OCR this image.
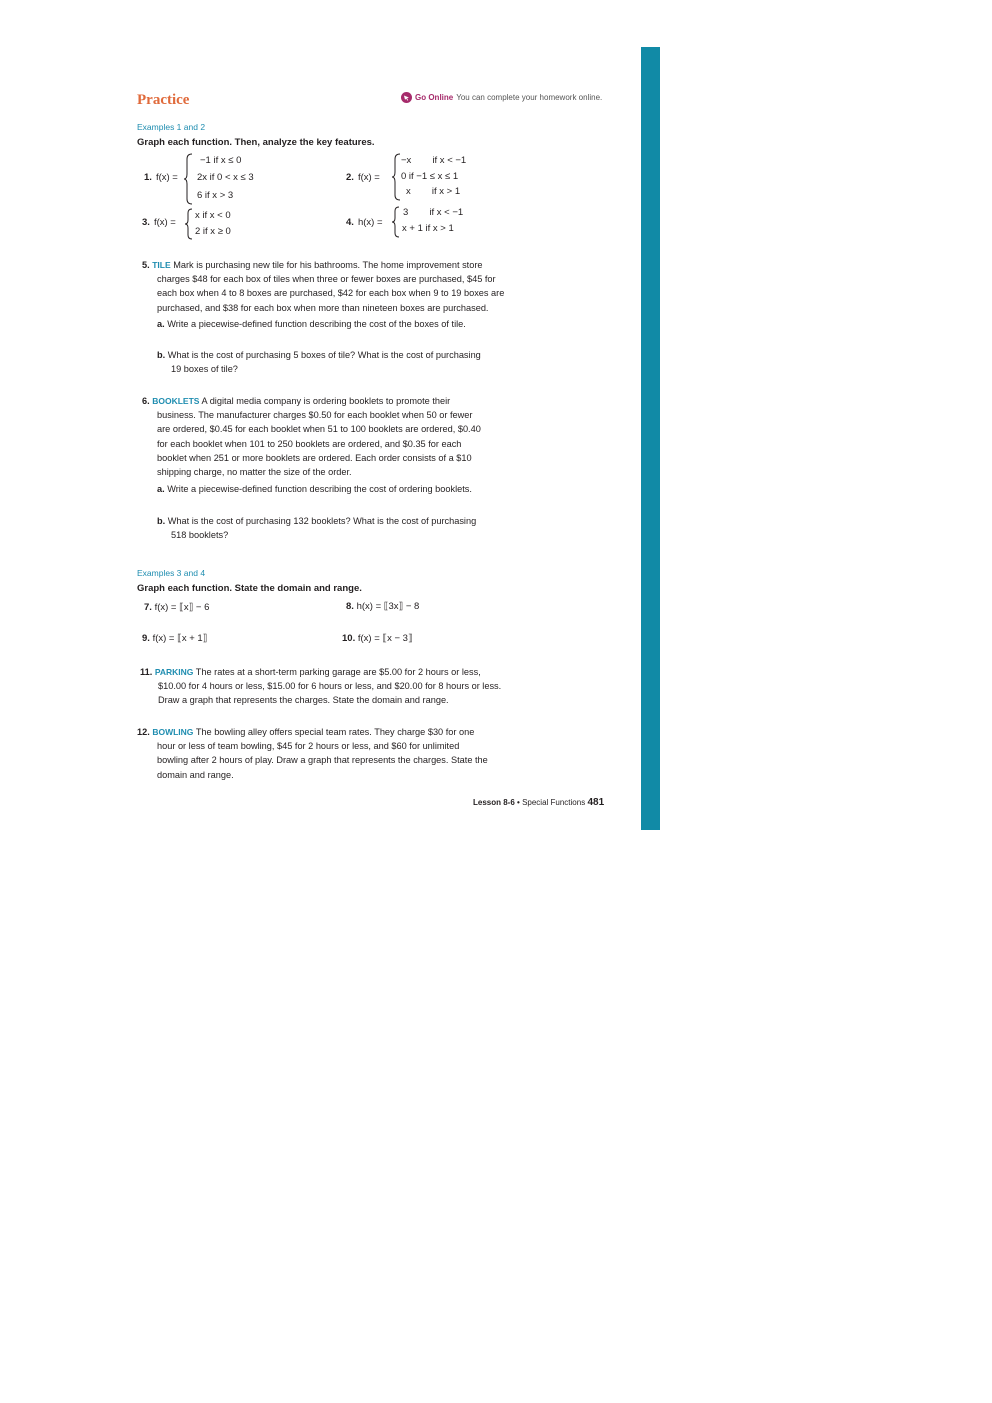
Practice	Go Online You can complete your homework online.
Examples 1 and 2
Graph each function. Then, analyze the key features.
1. f(x) =
−1 if x ≤ 0
2x if 0 < x ≤ 3
6 if x > 3
2. f(x) =
−x        if x < −1
0 if −1 ≤ x ≤ 1
x        if x > 1
3. f(x) =
x if x < 0
2 if x ≥ 0
4. h(x) =
3        if x < −1
x + 1 if x > 1
5. TILE Mark is purchasing new tile for his bathrooms. The home improvement store
charges $48 for each box of tiles when three or fewer boxes are purchased, $45 for
each box when 4 to 8 boxes are purchased, $42 for each box when 9 to 19 boxes are
purchased, and $38 for each box when more than nineteen boxes are purchased.
a. Write a piecewise-defined function describing the cost of the boxes of tile.
b. What is the cost of purchasing 5 boxes of tile? What is the cost of purchasing
19 boxes of tile?
6. BOOKLETS A digital media company is ordering booklets to promote their
business. The manufacturer charges $0.50 for each booklet when 50 or fewer
are ordered, $0.45 for each booklet when 51 to 100 booklets are ordered, $0.40
for each booklet when 101 to 250 booklets are ordered, and $0.35 for each
booklet when 251 or more booklets are ordered. Each order consists of a $10
shipping charge, no matter the size of the order.
a. Write a piecewise-defined function describing the cost of ordering booklets.
b. What is the cost of purchasing 132 booklets? What is the cost of purchasing
518 booklets?
Examples 3 and 4
Graph each function. State the domain and range.
7. f(x) = ⟦x⟧ − 6	8. h(x) = ⟦3x⟧ − 8
9. f(x) = ⟦x + 1⟧	10. f(x) = ⟦x − 3⟧
11. PARKING The rates at a short-term parking garage are $5.00 for 2 hours or less,
$10.00 for 4 hours or less, $15.00 for 6 hours or less, and $20.00 for 8 hours or less.
Draw a graph that represents the charges. State the domain and range.
12. BOWLING The bowling alley offers special team rates. They charge $30 for one
hour or less of team bowling, $45 for 2 hours or less, and $60 for unlimited
bowling after 2 hours of play. Draw a graph that represents the charges. State the
domain and range.
Lesson 8-6 • Special Functions 481
